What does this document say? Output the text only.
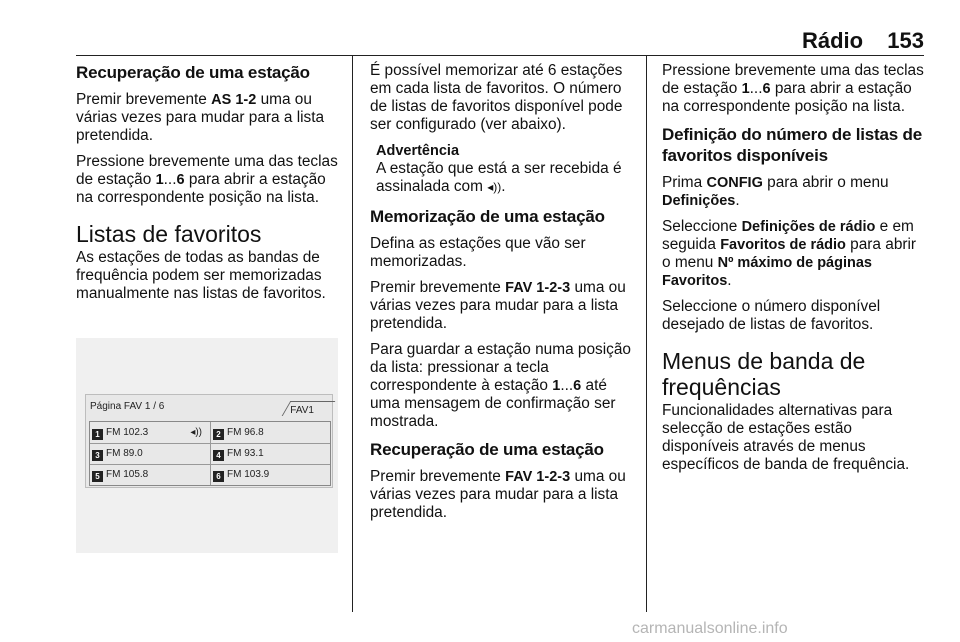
Rádio 153
Recuperação de uma estação

Premir brevemente AS 1-2 uma ou várias vezes para mudar para a lista pretendida.

Pressione brevemente uma das teclas de estação 1...6 para abrir a estação na correspondente posição na lista.

Listas de favoritos

As estações de todas as bandas de frequência podem ser memorizadas manualmente nas listas de favoritos.

Página FAV 1 / 6	FAV1
1 FM 102.3	◂))	2 FM 96.8
3 FM 89.0	4 FM 93.1
5 FM 105.8	6 FM 103.9

É possível memorizar até 6 estações em cada lista de favoritos. O número de listas de favoritos disponível pode ser configurado (ver abaixo).

Advertência
A estação que está a ser recebida é assinalada com ◂)).
Memorização de uma estação

Defina as estações que vão ser memorizadas.

Premir brevemente FAV 1-2-3 uma ou várias vezes para mudar para a lista pretendida.

Para guardar a estação numa posição da lista: pressionar a tecla correspondente à estação 1...6 até uma mensagem de confirmação ser mostrada.

Recuperação de uma estação

Premir brevemente FAV 1-2-3 uma ou várias vezes para mudar para a lista pretendida.

Pressione brevemente uma das teclas de estação 1...6 para abrir a estação na correspondente posição na lista.

Definição do número de listas de favoritos disponíveis

Prima CONFIG para abrir o menu Definições.

Seleccione Definições de rádio e em seguida Favoritos de rádio para abrir o menu Nº máximo de páginas Favoritos.

Seleccione o número disponível desejado de listas de favoritos.

Menus de banda de frequências

Funcionalidades alternativas para selecção de estações estão disponíveis através de menus específicos de banda de frequência.

carmanualsonline.info
